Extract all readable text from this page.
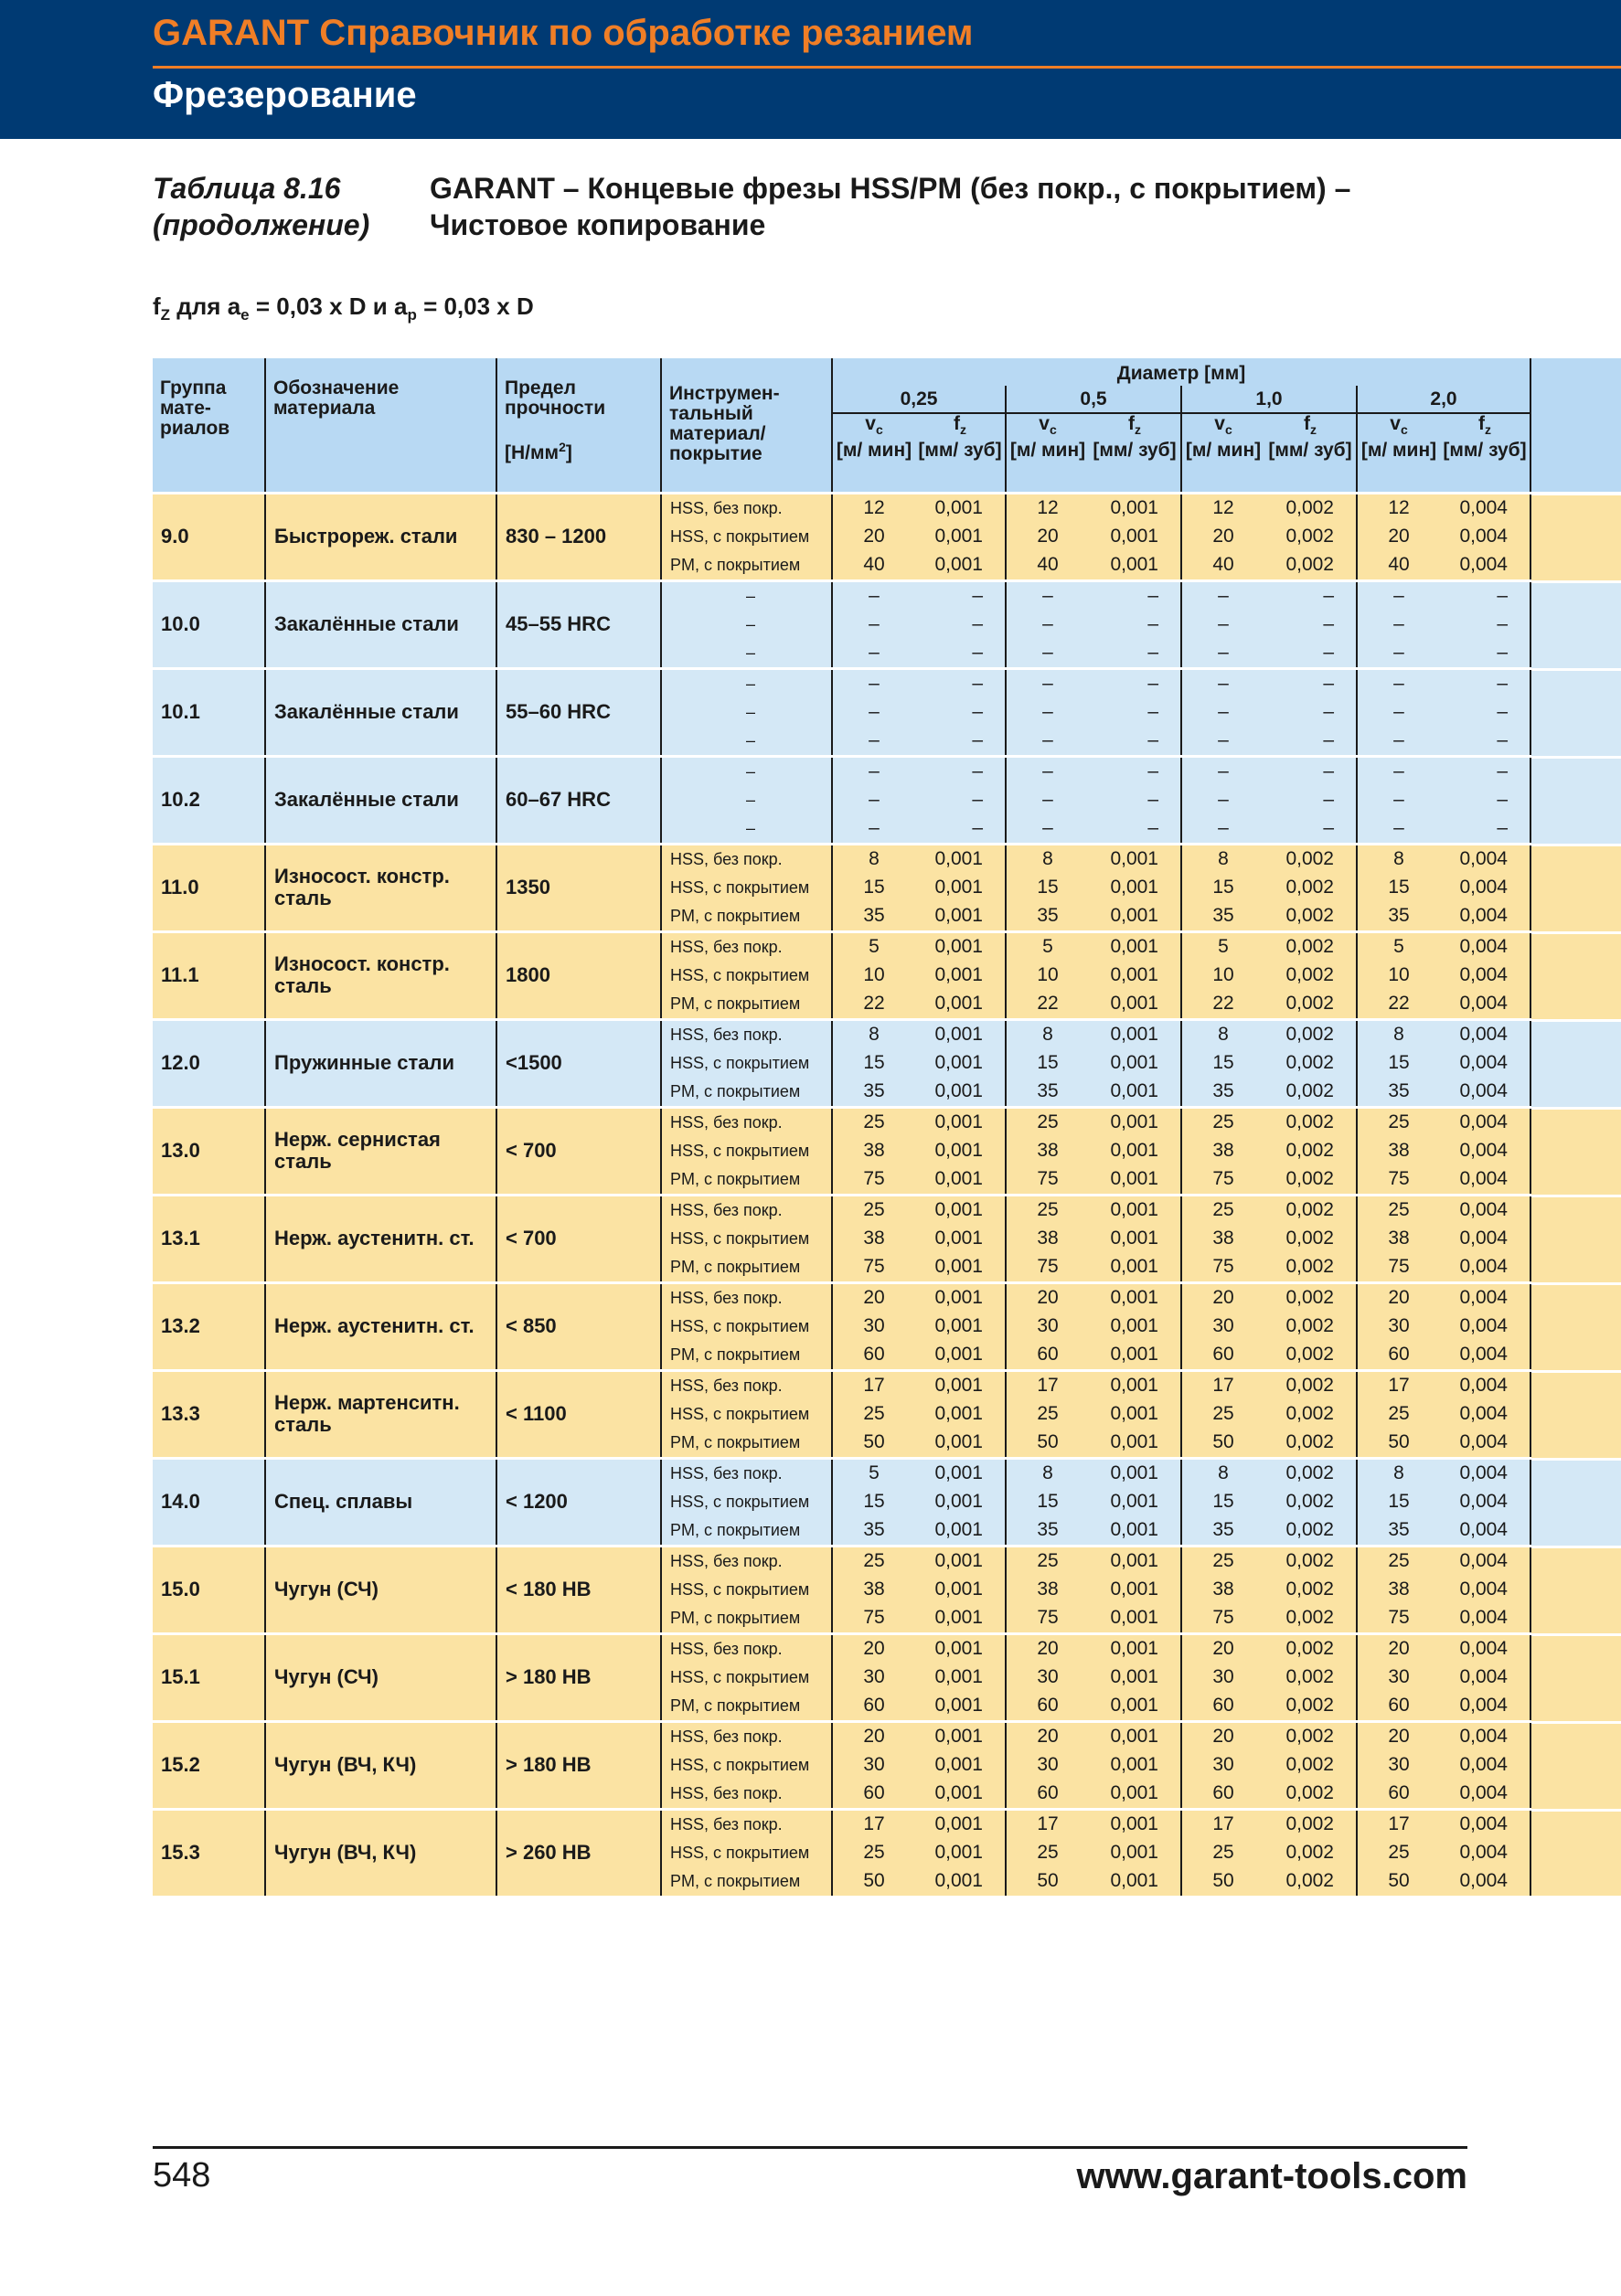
GARANT Справочник по обработке резанием
Фрезерование
Таблица 8.16
(продолжение)
GARANT – Концевые фрезы HSS/PM (без покр., с покрытием) –
Чистовое копирование
$f_Z$ для $a_e = 0,03$ x D и $a_p = 0,03$ x D
Группа мате-риалов	Обозначение материала	Предел прочности
$[Н/мм^2]$	Инструмен-тальный материал/ покрытие	Диаметр [мм]							
				0,25		0,5		1,0		2,0	
				$v_c$	$f_z$	$v_c$	$f_z$	$v_c$	$f_z$	$v_c$	$f_z$
				[м/ мин]	[мм/ зуб]	[м/ мин]	[мм/ зуб]	[м/ мин]	[мм/ зуб]	[м/ мин]	[мм/ зуб]
9.0	Быстрореж. стали	830 – 1200	HSS, без покр.	12	0,001	12	0,001	12	0,002	12	0,004
			HSS, с покрытием	20	0,001	20	0,001	20	0,002	20	0,004
			PM, с покрытием	40	0,001	40	0,001	40	0,002	40	0,004
10.0	Закалённые стали	45–55 HRC	–	–	–	–	–	–	–	–	–
			–	–	–	–	–	–	–	–	–
			–	–	–	–	–	–	–	–	–
10.1	Закалённые стали	55–60 HRC	–	–	–	–	–	–	–	–	–
			–	–	–	–	–	–	–	–	–
			–	–	–	–	–	–	–	–	–
10.2	Закалённые стали	60–67 HRC	–	–	–	–	–	–	–	–	–
			–	–	–	–	–	–	–	–	–
			–	–	–	–	–	–	–	–	–
11.0	Износост. констр. сталь	1350	HSS, без покр.	8	0,001	8	0,001	8	0,002	8	0,004
			HSS, с покрытием	15	0,001	15	0,001	15	0,002	15	0,004
			PM, с покрытием	35	0,001	35	0,001	35	0,002	35	0,004
11.1	Износост. констр. сталь	1800	HSS, без покр.	5	0,001	5	0,001	5	0,002	5	0,004
			HSS, с покрытием	10	0,001	10	0,001	10	0,002	10	0,004
			PM, с покрытием	22	0,001	22	0,001	22	0,002	22	0,004
12.0	Пружинные стали	<1500	HSS, без покр.	8	0,001	8	0,001	8	0,002	8	0,004
			HSS, с покрытием	15	0,001	15	0,001	15	0,002	15	0,004
			PM, с покрытием	35	0,001	35	0,001	35	0,002	35	0,004
13.0	Нерж. сернистая сталь	< 700	HSS, без покр.	25	0,001	25	0,001	25	0,002	25	0,004
			HSS, с покрытием	38	0,001	38	0,001	38	0,002	38	0,004
			PM, с покрытием	75	0,001	75	0,001	75	0,002	75	0,004
13.1	Нерж. аустенитн. ст.	< 700	HSS, без покр.	25	0,001	25	0,001	25	0,002	25	0,004
			HSS, с покрытием	38	0,001	38	0,001	38	0,002	38	0,004
			PM, с покрытием	75	0,001	75	0,001	75	0,002	75	0,004
13.2	Нерж. аустенитн. ст.	< 850	HSS, без покр.	20	0,001	20	0,001	20	0,002	20	0,004
			HSS, с покрытием	30	0,001	30	0,001	30	0,002	30	0,004
			PM, с покрытием	60	0,001	60	0,001	60	0,002	60	0,004
13.3	Нерж. мартенситн. сталь	< 1100	HSS, без покр.	17	0,001	17	0,001	17	0,002	17	0,004
			HSS, с покрытием	25	0,001	25	0,001	25	0,002	25	0,004
			PM, с покрытием	50	0,001	50	0,001	50	0,002	50	0,004
14.0	Спец. сплавы	< 1200	HSS, без покр.	5	0,001	8	0,001	8	0,002	8	0,004
			HSS, с покрытием	15	0,001	15	0,001	15	0,002	15	0,004
			PM, с покрытием	35	0,001	35	0,001	35	0,002	35	0,004
15.0	Чугун (СЧ)	< 180 HB	HSS, без покр.	25	0,001	25	0,001	25	0,002	25	0,004
			HSS, с покрытием	38	0,001	38	0,001	38	0,002	38	0,004
			PM, с покрытием	75	0,001	75	0,001	75	0,002	75	0,004
15.1	Чугун (СЧ)	> 180 HB	HSS, без покр.	20	0,001	20	0,001	20	0,002	20	0,004
			HSS, с покрытием	30	0,001	30	0,001	30	0,002	30	0,004
			PM, с покрытием	60	0,001	60	0,001	60	0,002	60	0,004
15.2	Чугун (ВЧ, КЧ)	> 180 HB	HSS, без покр.	20	0,001	20	0,001	20	0,002	20	0,004
			HSS, с покрытием	30	0,001	30	0,001	30	0,002	30	0,004
			HSS, без покр.	60	0,001	60	0,001	60	0,002	60	0,004
15.3	Чугун (ВЧ, КЧ)	> 260 HB	HSS, без покр.	17	0,001	17	0,001	17	0,002	17	0,004
			HSS, с покрытием	25	0,001	25	0,001	25	0,002	25	0,004
			PM, с покрытием	50	0,001	50	0,001	50	0,002	50	0,004
548	www.garant-tools.com
